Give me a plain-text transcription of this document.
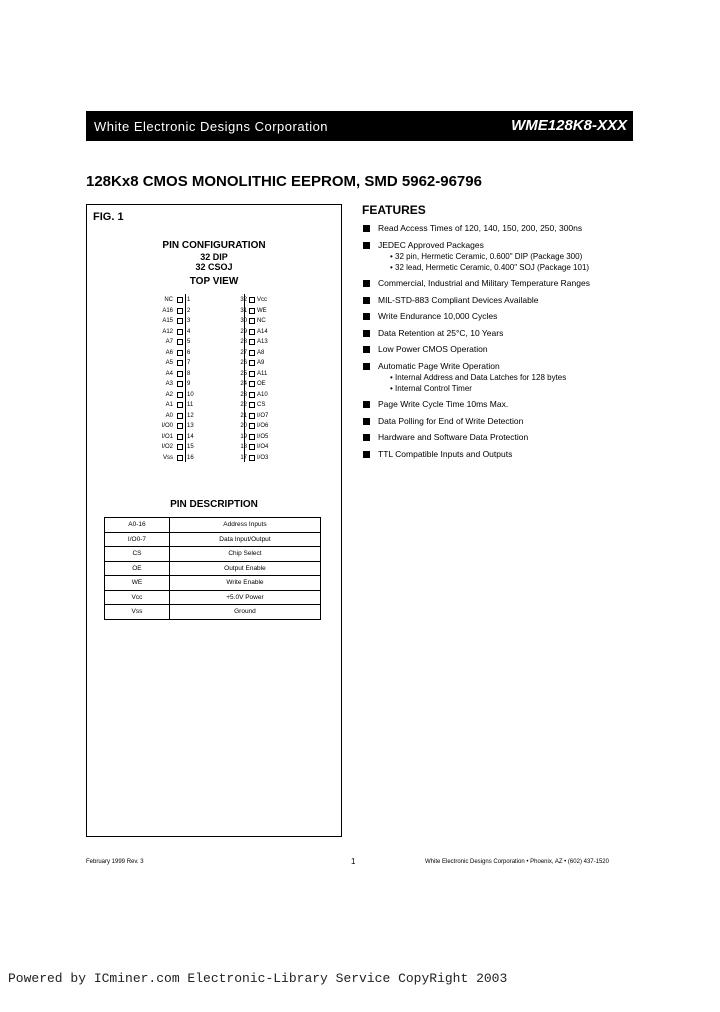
White Electronic Designs Corporation	WME128K8-XXX
128Kx8 CMOS MONOLITHIC EEPROM, SMD 5962-96796
FIG. 1
PIN CONFIGURATION
32 DIP
32 CSOJ
TOP VIEW
NC 1	32 Vcc
A16 2	31 WE
A15 3	30 NC
A12 4	29 A14
A7 5	28 A13
A6 6	27 A8
A5 7	26 A9
A4 8	25 A11
A3 9	24 OE
A2 10	23 A10
A1 11	22 CS
A0 12	21 I/O7
I/O0 13	20 I/O6
I/O1 14	19 I/O5
I/O2 15	18 I/O4
Vss 16	17 I/O3
PIN DESCRIPTION
A0-16	Address Inputs
I/O0-7	Data Input/Output
CS	Chip Select
OE	Output Enable
WE	Write Enable
Vcc	+5.0V Power
Vss	Ground
FEATURES
Read Access Times of 120, 140, 150, 200, 250, 300ns
JEDEC Approved Packages
• 32 pin, Hermetic Ceramic, 0.600" DIP (Package 300)
• 32 lead, Hermetic Ceramic, 0.400" SOJ (Package 101)
Commercial, Industrial and Military Temperature Ranges
MIL-STD-883 Compliant Devices Available
Write Endurance 10,000 Cycles
Data Retention at 25°C, 10 Years
Low Power CMOS Operation
Automatic Page Write Operation
• Internal Address and Data Latches for 128 bytes
• Internal Control Timer
Page Write Cycle Time 10ms Max.
Data Polling for End of Write Detection
Hardware and Software Data Protection
TTL Compatible Inputs and Outputs
February 1999 Rev. 3	1	White Electronic Designs Corporation • Phoenix, AZ • (602) 437-1520
Powered by ICminer.com Electronic-Library Service CopyRight 2003
